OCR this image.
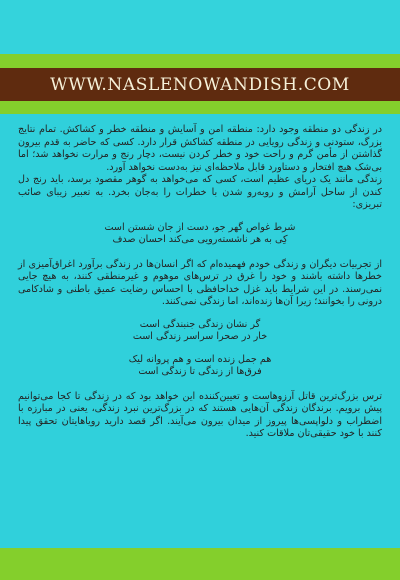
WWW.NASLENOWANDISH.COM

در زندگی دو منطقه وجود دارد: منطقه امن و آسایش و منطقه خطر و کشاکش. تمام نتایج بزرگ، ستودنی و زندگی رویایی در منطقه کشاکش قرار دارد. کسی که حاضر به قدم بیرون گذاشتن از مأمن گرم و راحت خود و خطر کردن نیست، دچار رنج و مرارت نخواهد شد؛ اما بی‌شک هیچ افتخار و دستاورد قابل ملاحظه‌ای نیز به‌دست نخواهد آورد.

زندگی مانند یک دریای عظیم است، کسی که می‌خواهد به گوهر مقصود برسد، باید رنج دل کندن از ساحل آرامش و روبه‌رو شدن با خطرات را به‌جان بخرد. به تعبیر زیبای صائب تبریزی:

شرط غواص گهر جو، دست از جان شستن است
کِی به هر ناشسته‌رویی می‌کند احسان صدف

از تجربیات دیگران و زندگی خودم فهمیده‌ام که اگر انسان‌ها در زندگی برآورد اغراق‌آمیزی از خطرها داشته باشند و خود را غرق در ترس‌های موهوم و غیرمنطقی کنند، به هیچ جایی نمی‌رسند. در این شرایط باید غزل خداحافظی با احساس رضایت عمیق باطنی و شادکامی درونی را بخوانند؛ زیرا آن‌ها زنده‌اند، اما زندگی نمی‌کنند.

گر نشان زندگی جنبندگی است
خار در صحرا سراسر زندگی است
هم جمل زنده است و هم پروانه لیک
فرق‌ها از زندگی تا زندگی است

ترس بزرگ‌ترین قاتل آرزوهاست و تعیین‌کننده این خواهد بود که در زندگی تا کجا می‌توانیم پیش برویم. برندگان زندگی آن‌هایی هستند که در بزرگ‌ترین نبرد زندگی، یعنی در مبارزه با اضطراب و دلواپسی‌ها پیروز از میدان بیرون می‌آیند. اگر قصد دارید رویاهایتان تحقق پیدا کنند با خود حقیقی‌تان ملاقات کنید.
